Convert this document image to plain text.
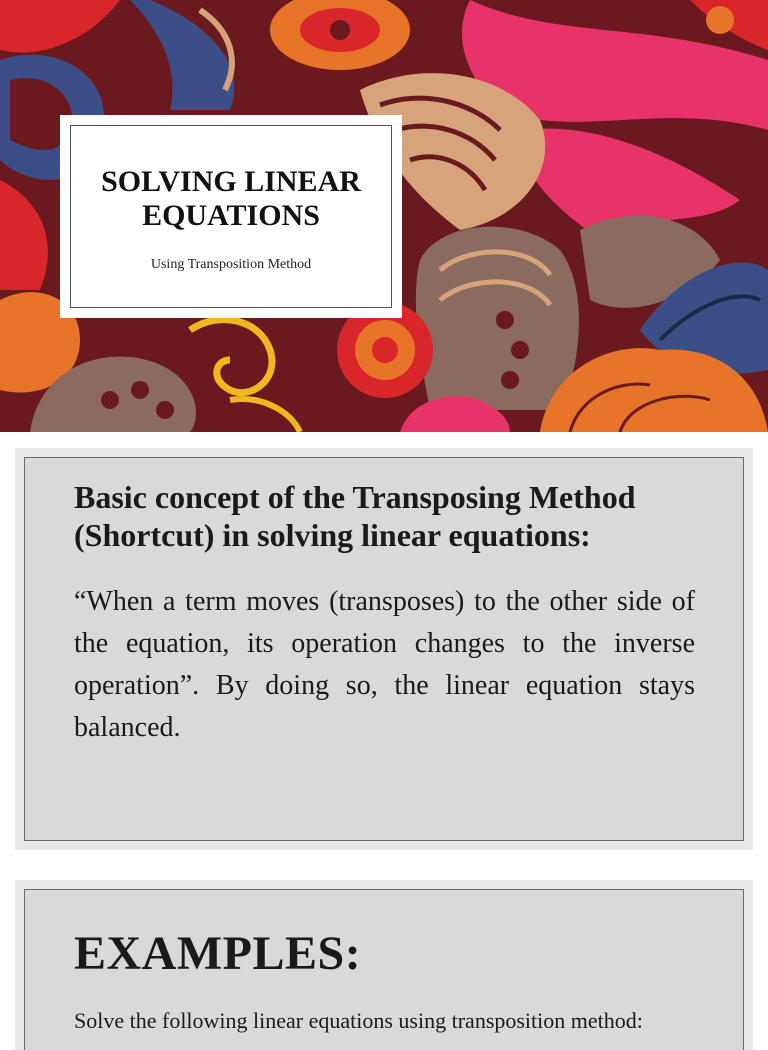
SOLVING LINEAR EQUATIONS

Using Transposition Method

Basic concept of the Transposing Method (Shortcut) in solving linear equations:

“When a term moves (transposes) to the other side of the equation, its operation changes to the inverse operation”. By doing so, the linear equation stays balanced.

EXAMPLES:

Solve the following linear equations using transposition method:
